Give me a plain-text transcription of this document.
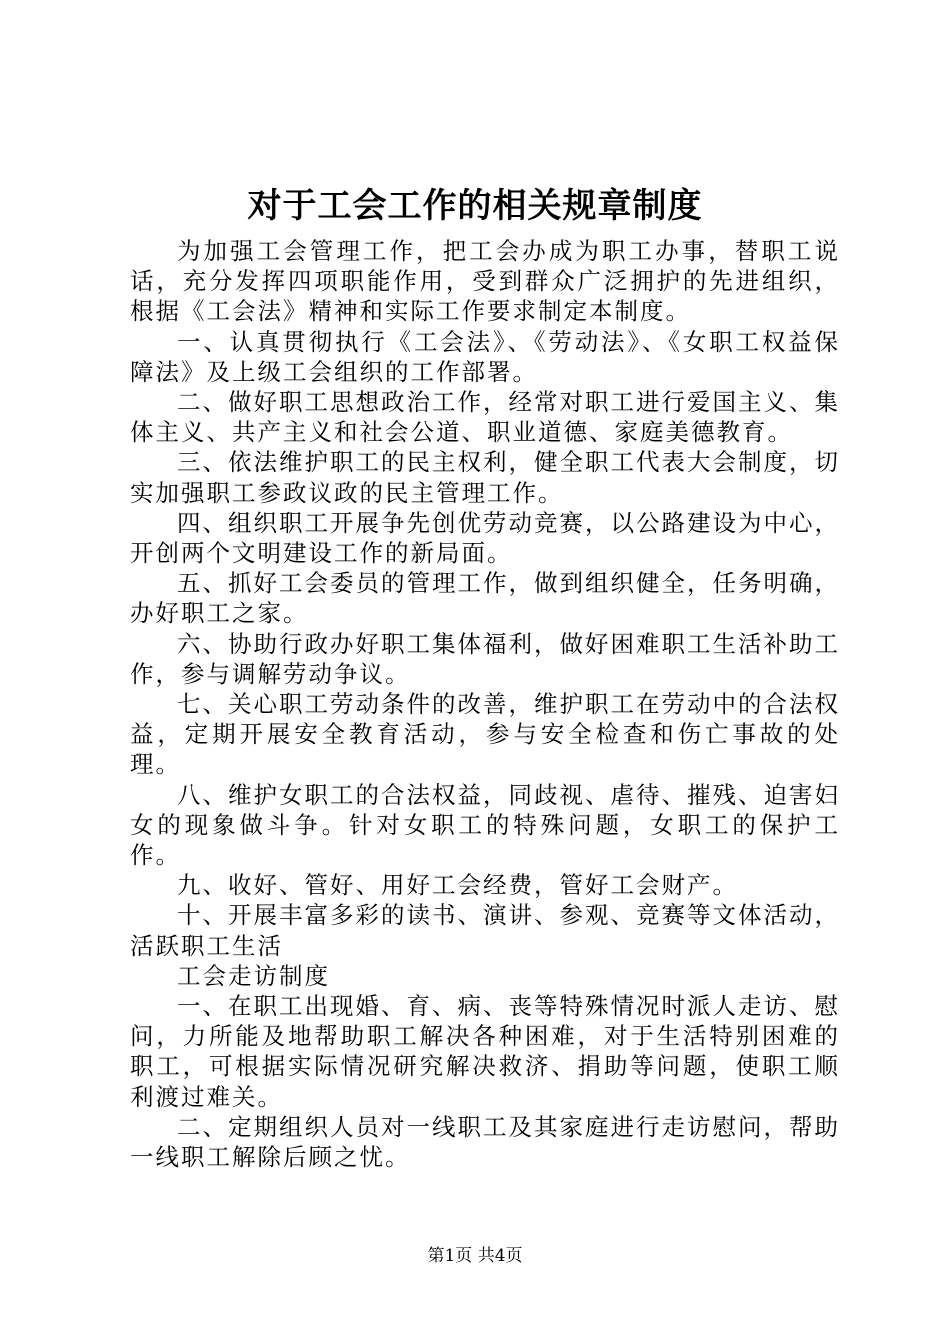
对于工会工作的相关规章制度

为加强工会管理工作，把工会办成为职工办事，替职工说话，充分发挥四项职能作用，受到群众广泛拥护的先进组织，根据《工会法》精神和实际工作要求制定本制度。

一、认真贯彻执行《工会法》、《劳动法》、《女职工权益保障法》及上级工会组织的工作部署。

二、做好职工思想政治工作，经常对职工进行爱国主义、集体主义、共产主义和社会公道、职业道德、家庭美德教育。

三、依法维护职工的民主权利，健全职工代表大会制度，切实加强职工参政议政的民主管理工作。

四、组织职工开展争先创优劳动竞赛，以公路建设为中心，开创两个文明建设工作的新局面。

五、抓好工会委员的管理工作，做到组织健全，任务明确，办好职工之家。

六、协助行政办好职工集体福利，做好困难职工生活补助工作，参与调解劳动争议。

七、关心职工劳动条件的改善，维护职工在劳动中的合法权益，定期开展安全教育活动，参与安全检查和伤亡事故的处理。

八、维护女职工的合法权益，同歧视、虐待、摧残、迫害妇女的现象做斗争。针对女职工的特殊问题，女职工的保护工作。

九、收好、管好、用好工会经费，管好工会财产。

十、开展丰富多彩的读书、演讲、参观、竞赛等文体活动，活跃职工生活

工会走访制度

一、在职工出现婚、育、病、丧等特殊情况时派人走访、慰问，力所能及地帮助职工解决各种困难，对于生活特别困难的职工，可根据实际情况研究解决救济、捐助等问题，使职工顺利渡过难关。

二、定期组织人员对一线职工及其家庭进行走访慰问，帮助一线职工解除后顾之忧。

第1页 共4页
